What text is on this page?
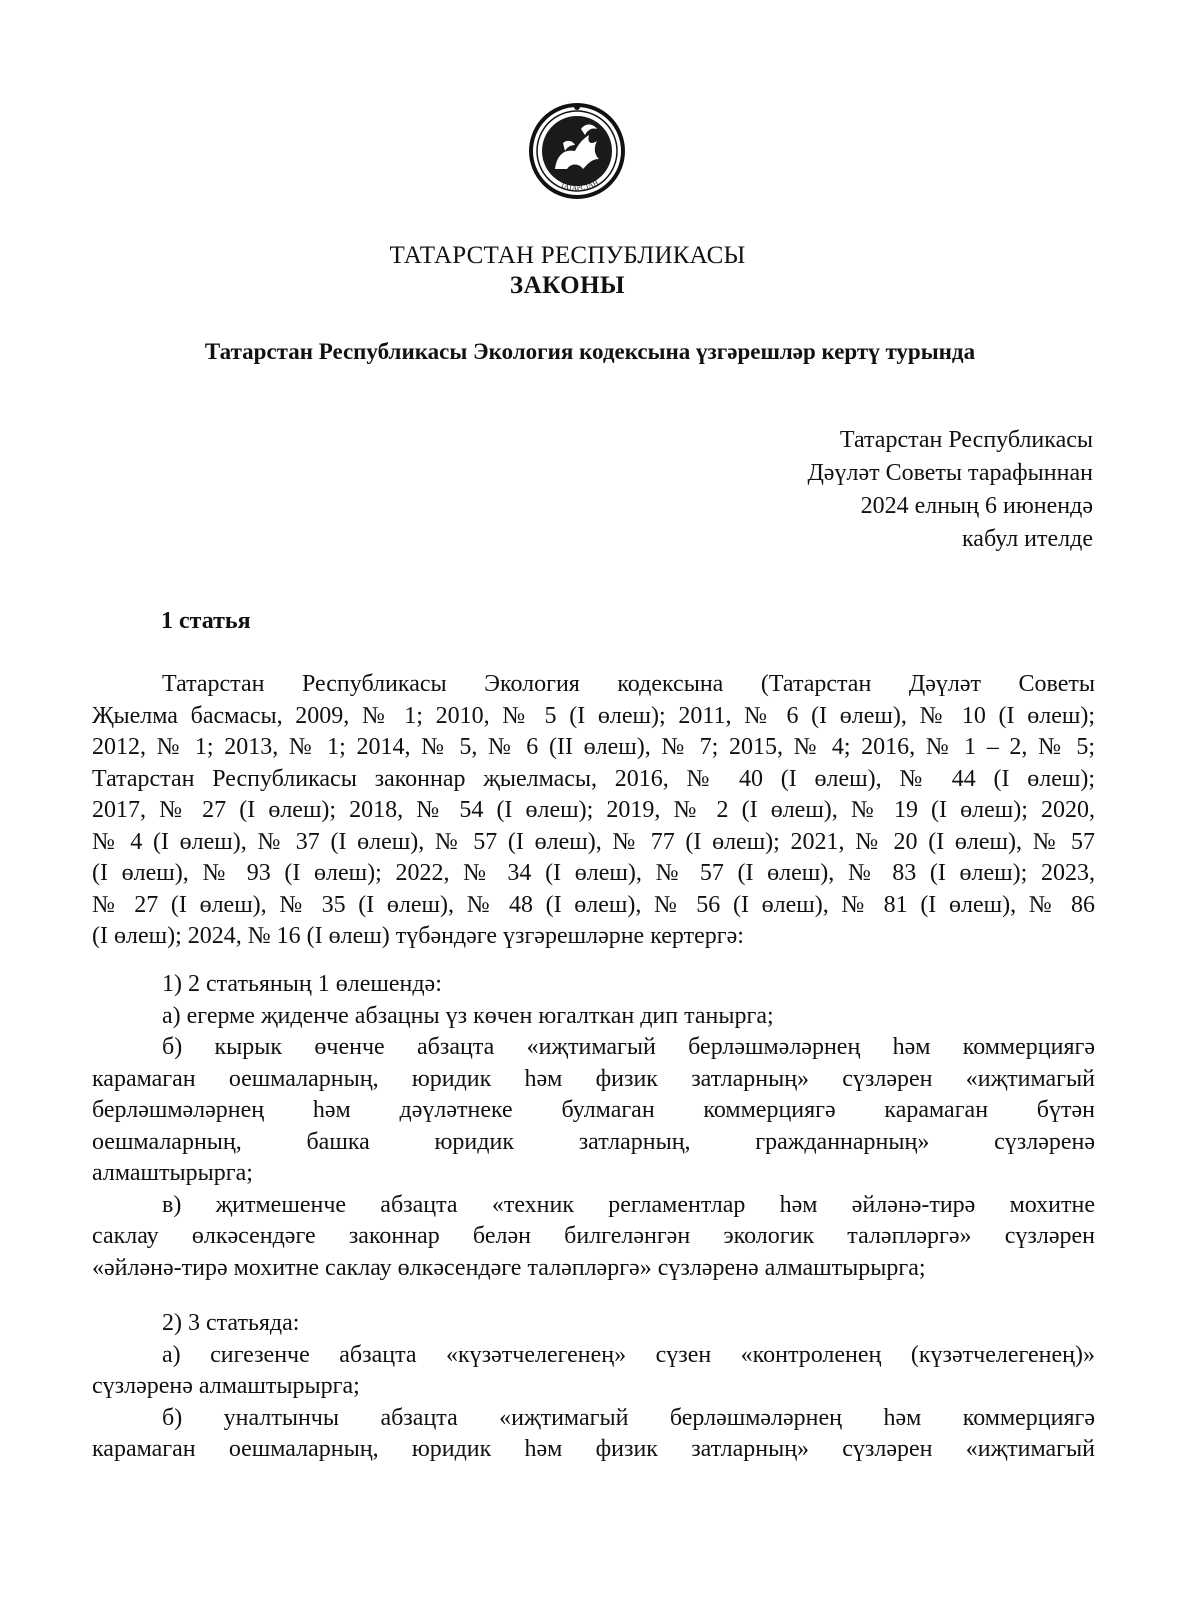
ТАТАРСТАН
ТАТАРСТАН РЕСПУБЛИКАСЫ
ЗАКОНЫ
Татарстан Республикасы Экология кодексына үзгәрешләр кертү турында
Татарстан Республикасы
Дәүләт Советы тарафыннан
2024 елның 6 июнендә
кабул ителде
1 статья
Татарстан Республикасы Экология кодексына (Татарстан Дәүләт Советы
Җыелма басмасы, 2009, № 1; 2010, № 5 (I өлеш); 2011, № 6 (I өлеш), № 10 (I өлеш);
2012, № 1; 2013, № 1; 2014, № 5, № 6 (II өлеш), № 7; 2015, № 4; 2016, № 1 – 2, № 5;
Татарстан Республикасы законнар җыелмасы, 2016, № 40 (I өлеш), № 44 (I өлеш);
2017, № 27 (I өлеш); 2018, № 54 (I өлеш); 2019, № 2 (I өлеш), № 19 (I өлеш); 2020,
№ 4 (I өлеш), № 37 (I өлеш), № 57 (I өлеш), № 77 (I өлеш); 2021, № 20 (I өлеш), № 57
(I өлеш), № 93 (I өлеш); 2022, № 34 (I өлеш), № 57 (I өлеш), № 83 (I өлеш); 2023,
№ 27 (I өлеш), № 35 (I өлеш), № 48 (I өлеш), № 56 (I өлеш), № 81 (I өлеш), № 86
(I өлеш); 2024, № 16 (I өлеш) түбәндәге үзгәрешләрне кертергә:
1) 2 статьяның 1 өлешендә:
а) егерме җиденче абзацны үз көчен югалткан дип танырга;
б) кырык өченче абзацта «иҗтимагый берләшмәләрнең һәм коммерциягә
карамаган оешмаларның, юридик һәм физик затларның» сүзләрен «иҗтимагый
берләшмәләрнең һәм дәүләтнеке булмаган коммерциягә карамаган бүтән
оешмаларның, башка юридик затларның, гражданнарның» сүзләренә
алмаштырырга;
в) җитмешенче абзацта «техник регламентлар һәм әйләнә-тирә мохитне
саклау өлкәсендәге законнар белән билгеләнгән экологик таләпләргә» сүзләрен
«әйләнә-тирә мохитне саклау өлкәсендәге таләпләргә» сүзләренә алмаштырырга;
2) 3 статьяда:
а) сигезенче абзацта «күзәтчелегенең» сүзен «контроленең (күзәтчелегенең)»
сүзләренә алмаштырырга;
б) уналтынчы абзацта «иҗтимагый берләшмәләрнең һәм коммерциягә
карамаган оешмаларның, юридик һәм физик затларның» сүзләрен «иҗтимагый
